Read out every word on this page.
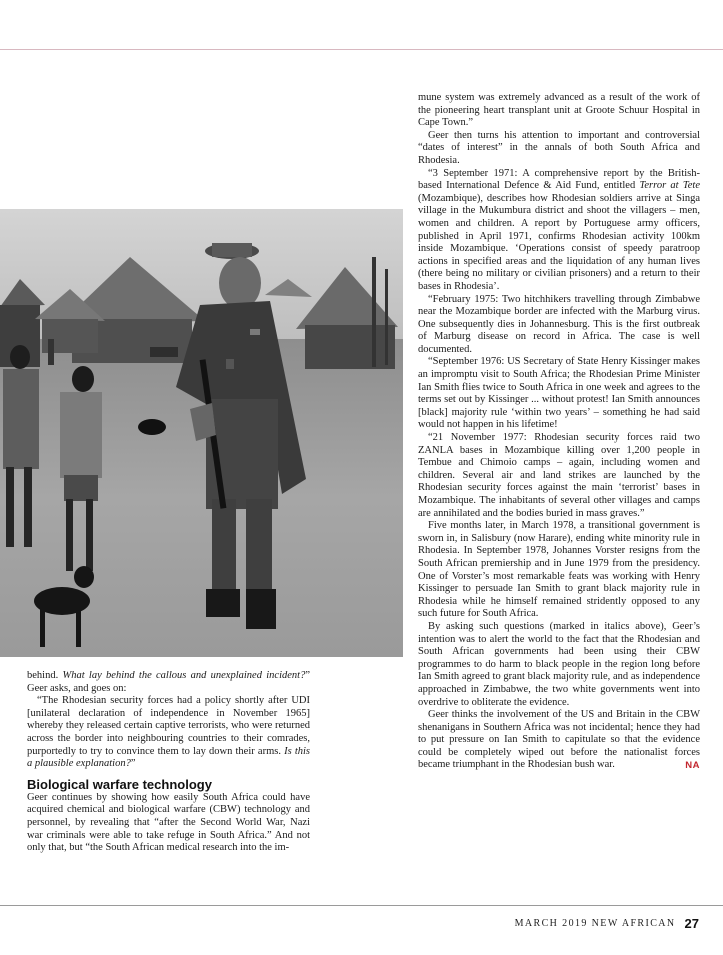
behind. What lay behind the callous and unexplained incident?” Geer asks, and goes on:

“The Rhodesian security forces had a policy shortly after UDI [unilateral declaration of independence in November 1965] whereby they released certain captive terrorists, who were returned across the border into neighbouring countries to their comrades, purportedly to try to convince them to lay down their arms. Is this a plausible explanation?”

Biological warfare technology

Geer continues by showing how easily South Africa could have acquired chemical and biological warfare (CBW) technology and personnel, by revealing that “after the Second World War, Nazi war criminals were able to take refuge in South Africa.” And not only that, but “the South African medical research into the im-

mune system was extremely advanced as a result of the work of the pioneering heart transplant unit at Groote Schuur Hospital in Cape Town.”

Geer then turns his attention to important and controversial “dates of interest” in the annals of both South Africa and Rhodesia.

“3 September 1971: A comprehensive report by the British-based International Defence & Aid Fund, entitled Terror at Tete (Mozambique), describes how Rhodesian soldiers arrive at Singa village in the Mukumbura district and shoot the villagers – men, women and children. A report by Portuguese army officers, published in April 1971, confirms Rhodesian activity 100km inside Mozambique. ‘Operations consist of speedy paratroop actions in specified areas and the liquidation of any human lives (there being no military or civilian prisoners) and a return to their bases in Rhodesia’.

“February 1975: Two hitchhikers travelling through Zimbabwe near the Mozambique border are infected with the Marburg virus. One subsequently dies in Johannesburg. This is the first outbreak of Marburg disease on record in Africa. The case is well documented.

“September 1976: US Secretary of State Henry Kissinger makes an impromptu visit to South Africa; the Rhodesian Prime Minister Ian Smith flies twice to South Africa in one week and agrees to the terms set out by Kissinger ... without protest! Ian Smith announces [black] majority rule ‘within two years’ – something he had said would not happen in his lifetime!

“21 November 1977: Rhodesian security forces raid two ZANLA bases in Mozambique killing over 1,200 people in Tembue and Chimoio camps – again, including women and children. Several air and land strikes are launched by the Rhodesian security forces against the main ‘terrorist’ bases in Mozambique. The inhabitants of several other villages and camps are annihilated and the bodies buried in mass graves.”

Five months later, in March 1978, a transitional government is sworn in, in Salisbury (now Harare), ending white minority rule in Rhodesia. In September 1978, Johannes Vorster resigns from the South African premiership and in June 1979 from the presidency. One of Vorster’s most remarkable feats was working with Henry Kissinger to persuade Ian Smith to grant black majority rule in Rhodesia while he himself remained stridently opposed to any such future for South Africa.

By asking such questions (marked in italics above), Geer’s intention was to alert the world to the fact that the Rhodesian and South African governments had been using their CBW programmes to do harm to black people in the region long before Ian Smith agreed to grant black majority rule, and as independence approached in Zimbabwe, the two white governments went into overdrive to obliterate the evidence.

Geer thinks the involvement of the US and Britain in the CBW shenanigans in Southern Africa was not incidental; hence they had to put pressure on Ian Smith to capitulate so that the evidence could be completely wiped out before the nationalist forces became triumphant in the Rhodesian bush war.	NA

MARCH 2019 NEW AFRICAN 27
